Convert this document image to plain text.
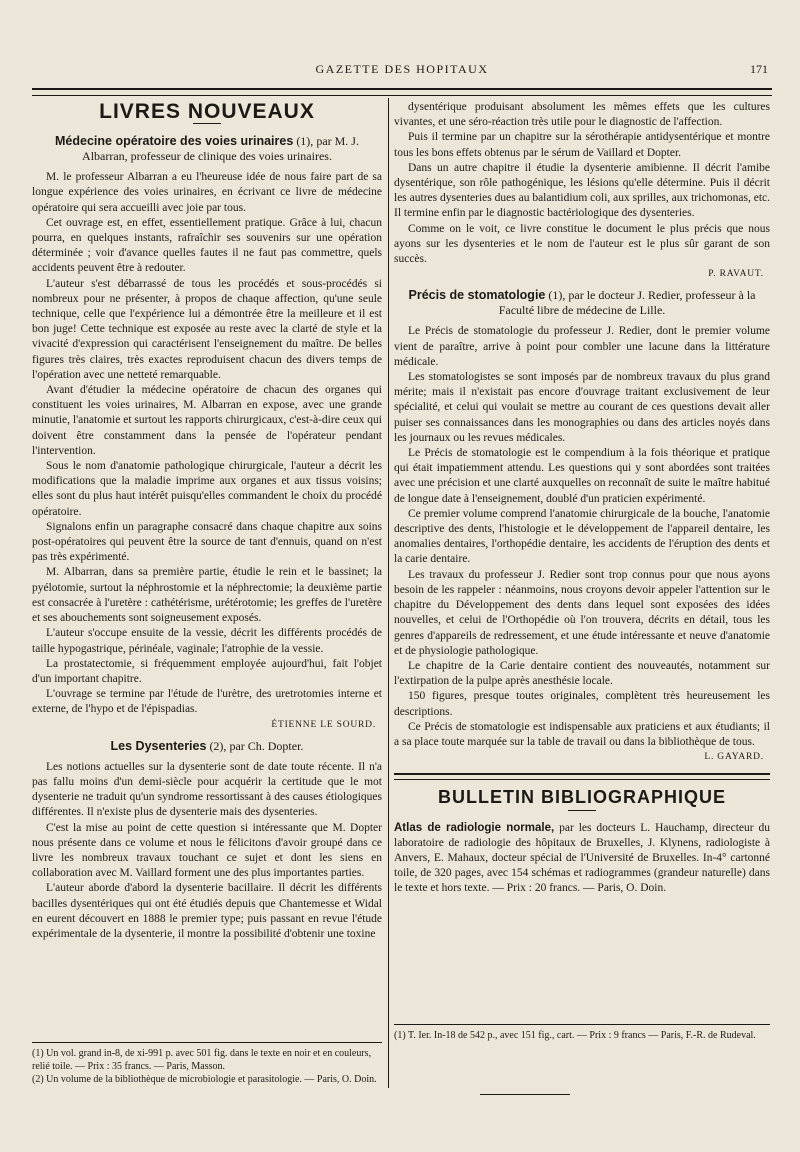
GAZETTE DES HOPITAUX	171
LIVRES NOUVEAUX
Médecine opératoire des voies urinaires (1), par M. J. Albarran, professeur de clinique des voies urinaires.

M. le professeur Albarran a eu l'heureuse idée de nous faire part de sa longue expérience des voies urinaires, en écrivant ce livre de médecine opératoire qui sera accueilli avec joie par tous.

Cet ouvrage est, en effet, essentiellement pratique. Grâce à lui, chacun pourra, en quelques instants, rafraîchir ses souvenirs sur une opération déterminée ; voir d'avance quelles fautes il ne faut pas commettre, quels accidents peuvent être à redouter.

L'auteur s'est débarrassé de tous les procédés et sous-procédés si nombreux pour ne présenter, à propos de chaque affection, qu'une seule technique, celle que l'expérience lui a démontrée être la meilleure et il est bon juge! Cette technique est exposée au reste avec la clarté de style et la vivacité d'expression qui caractérisent l'enseignement du maître. De belles figures très claires, très exactes reproduisent chacun des divers temps de l'opération avec une netteté remarquable.

Avant d'étudier la médecine opératoire de chacun des organes qui constituent les voies urinaires, M. Albarran en expose, avec une grande minutie, l'anatomie et surtout les rapports chirurgicaux, c'est-à-dire ceux qui doivent être constamment dans la pensée de l'opérateur pendant l'intervention.

Sous le nom d'anatomie pathologique chirurgicale, l'auteur a décrit les modifications que la maladie imprime aux organes et aux tissus voisins; elles sont du plus haut intérêt puisqu'elles commandent le choix du procédé opératoire.

Signalons enfin un paragraphe consacré dans chaque chapitre aux soins post-opératoires qui peuvent être la source de tant d'ennuis, quand on n'est pas très expérimenté.

M. Albarran, dans sa première partie, étudie le rein et le bassinet; la pyélotomie, surtout la néphrostomie et la néphrectomie; la deuxième partie est consacrée à l'uretère : cathétérisme, urétérotomie; les greffes de l'uretère et ses abouchements sont soigneusement exposés.

L'auteur s'occupe ensuite de la vessie, décrit les différents procédés de taille hypogastrique, périnéale, vaginale; l'atrophie de la vessie.

La prostatectomie, si fréquemment employée aujourd'hui, fait l'objet d'un important chapitre.

L'ouvrage se termine par l'étude de l'urètre, des uretrotomies interne et externe, de l'hypo et de l'épispadias.

ÉTIENNE LE SOURD.
Les Dysenteries (2), par Ch. Dopter.

Les notions actuelles sur la dysenterie sont de date toute récente. Il n'a pas fallu moins d'un demi-siècle pour acquérir la certitude que le mot dysenterie ne traduit qu'un syndrome ressortissant à des causes étiologiques différentes. Il n'existe plus de dysenterie mais des dysenteries.

C'est la mise au point de cette question si intéressante que M. Dopter nous présente dans ce volume et nous le félicitons d'avoir groupé dans ce livre les nombreux travaux touchant ce sujet et dont les siens en collaboration avec M. Vaillard forment une des plus importantes parties.

L'auteur aborde d'abord la dysenterie bacillaire. Il décrit les différents bacilles dysentériques qui ont été étudiés depuis que Chantemesse et Widal en eurent découvert en 1888 le premier type; puis passant en revue l'étude expérimentale de la dysenterie, il montre la possibilité d'obtenir une toxine

(1) Un vol. grand in-8, de xi-991 p. avec 501 fig. dans le texte en noir et en couleurs, relié toile. — Prix : 35 francs. — Paris, Masson.
(2) Un volume de la bibliothèque de microbiologie et parasitologie. — Paris, O. Doin.

dysentérique produisant absolument les mêmes effets que les cultures vivantes, et une séro-réaction très utile pour le diagnostic de l'affection.

Puis il termine par un chapitre sur la sérothérapie antidysentérique et montre tous les bons effets obtenus par le sérum de Vaillard et Dopter.

Dans un autre chapitre il étudie la dysenterie amibienne. Il décrit l'amibe dysentérique, son rôle pathogénique, les lésions qu'elle détermine. Puis il décrit les autres dysenteries dues au balantidium coli, aux sprilles, aux trichomonas, etc. Il termine enfin par le diagnostic bactériologique des dysenteries.

Comme on le voit, ce livre constitue le document le plus précis que nous ayons sur les dysenteries et le nom de l'auteur est le plus sûr garant de son succès.

P. RAVAUT.
Précis de stomatologie (1), par le docteur J. Redier, professeur à la Faculté libre de médecine de Lille.

Le Précis de stomatologie du professeur J. Redier, dont le premier volume vient de paraître, arrive à point pour combler une lacune dans la littérature médicale.

Les stomatologistes se sont imposés par de nombreux travaux du plus grand mérite; mais il n'existait pas encore d'ouvrage traitant exclusivement de leur spécialité, et celui qui voulait se mettre au courant de ces questions devait aller puiser ses connaissances dans les monographies ou dans des articles noyés dans les journaux ou les revues médicales.

Le Précis de stomatologie est le compendium à la fois théorique et pratique qui était impatiemment attendu. Les questions qui y sont abordées sont traitées avec une précision et une clarté auxquelles on reconnaît de suite le maître habitué de longue date à l'enseignement, doublé d'un praticien expérimenté.

Ce premier volume comprend l'anatomie chirurgicale de la bouche, l'anatomie descriptive des dents, l'histologie et le développement de l'appareil dentaire, les anomalies dentaires, l'orthopédie dentaire, les accidents de l'éruption des dents et la carie dentaire.

Les travaux du professeur J. Redier sont trop connus pour que nous ayons besoin de les rappeler : néanmoins, nous croyons devoir appeler l'attention sur le chapitre du Développement des dents dans lequel sont exposées des idées nouvelles, et celui de l'Orthopédie où l'on trouvera, décrits en détail, tous les genres d'appareils de redressement, et une étude intéressante et neuve d'anatomie et de physiologie pathologique.

Le chapitre de la Carie dentaire contient des nouveautés, notamment sur l'extirpation de la pulpe après anesthésie locale.

150 figures, presque toutes originales, complètent très heureusement les descriptions.

Ce Précis de stomatologie est indispensable aux praticiens et aux étudiants; il a sa place toute marquée sur la table de travail ou dans la bibliothèque de tous.

L. GAYARD.
BULLETIN BIBLIOGRAPHIQUE

Atlas de radiologie normale, par les docteurs L. Hauchamp, directeur du laboratoire de radiologie des hôpitaux de Bruxelles, J. Klynens, radiologiste à Anvers, E. Mahaux, docteur spécial de l'Université de Bruxelles. In-4° cartonné toile, de 320 pages, avec 154 schémas et radiogrammes (grandeur naturelle) dans le texte et hors texte. — Prix : 20 francs. — Paris, O. Doin.

(1) T. Ier. In-18 de 542 p., avec 151 fig., cart. — Prix : 9 francs — Paris, F.-R. de Rudeval.
